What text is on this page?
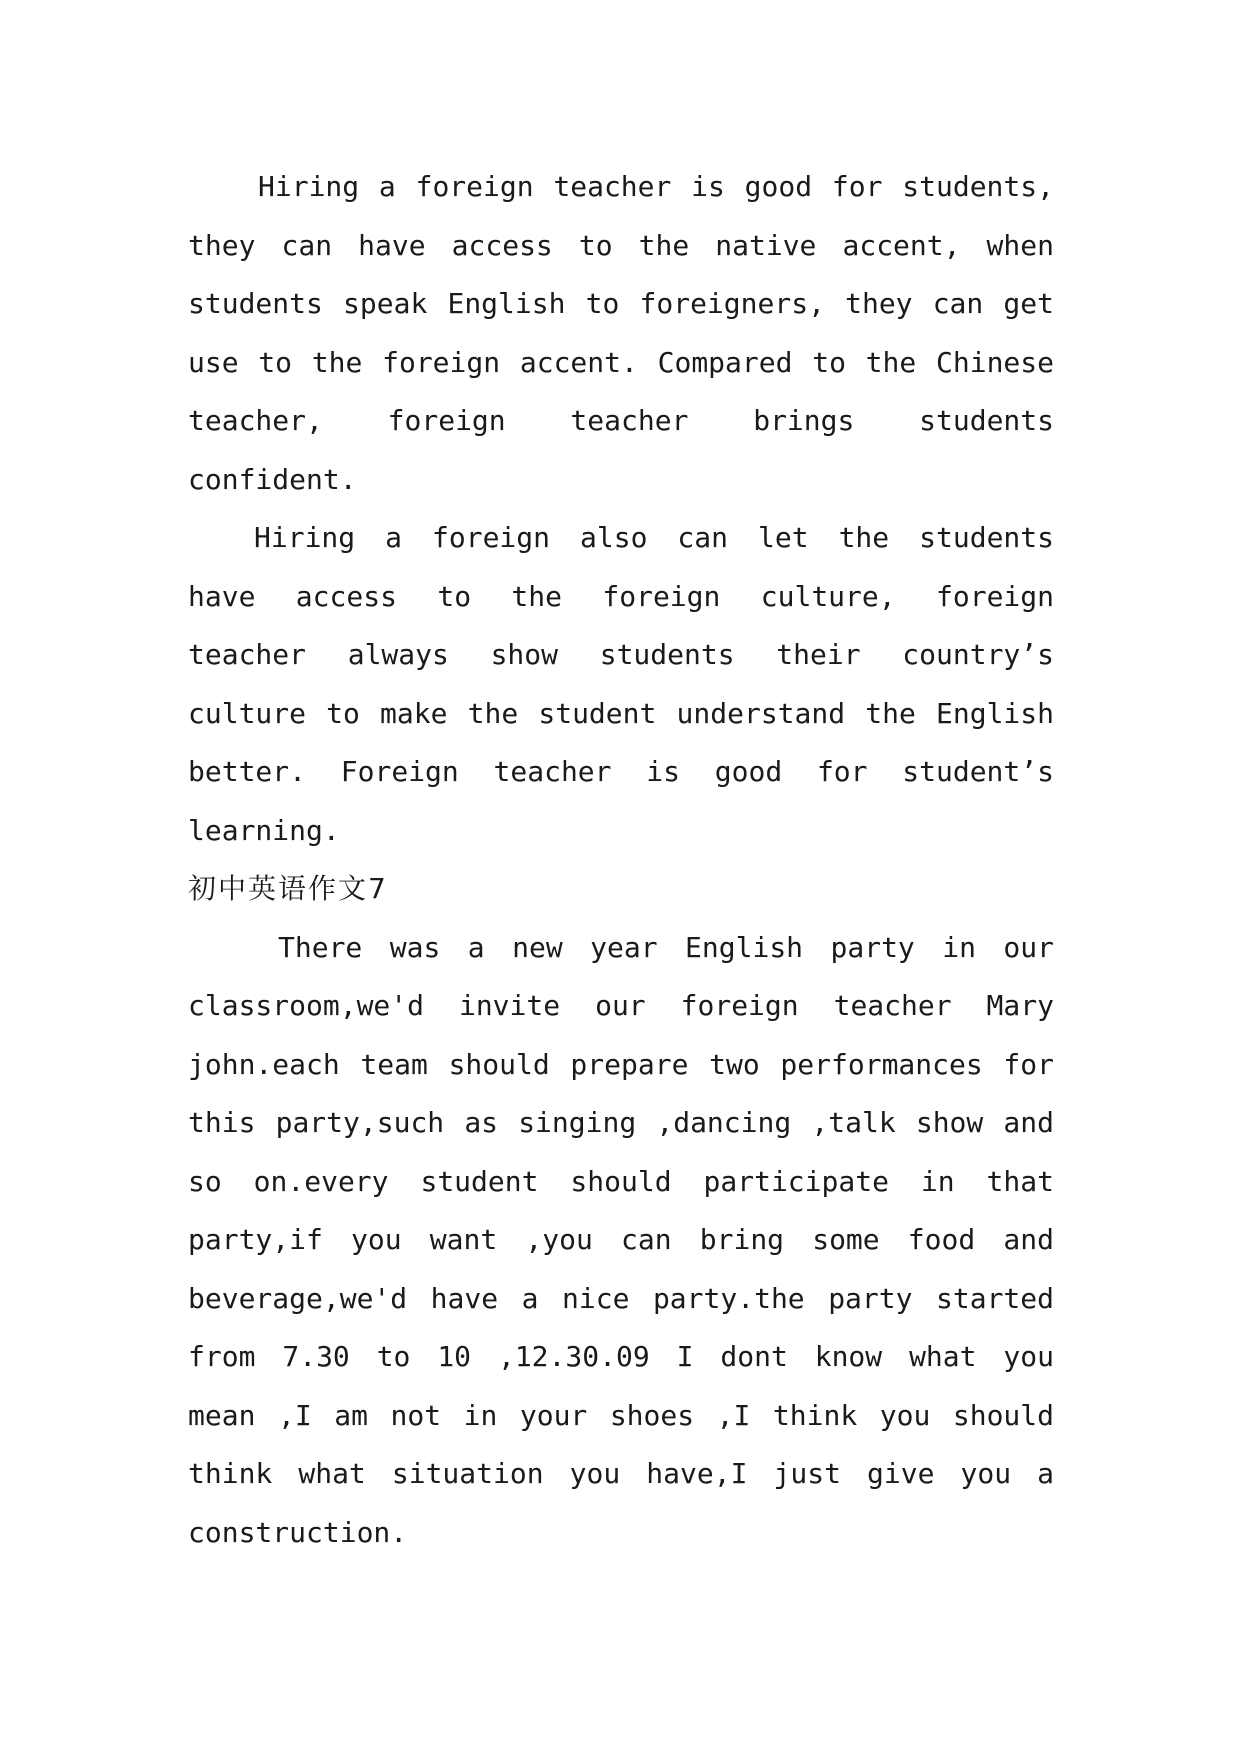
Hiring a foreign teacher is good for students, they can have access to the native accent, when students speak English to foreigners, they can get use to the foreign accent. Compared to the Chinese teacher, foreign teacher brings students confident.

Hiring a foreign also can let the students have access to the foreign culture, foreign teacher always show students their country’s culture to make the student understand the English better. Foreign teacher is good for student’s learning.

初中英语作文7

There was a new year English party in our classroom,we'd invite our foreign teacher Mary john.each team should prepare two performances for this party,such as singing ,dancing ,talk show and so on.every student should participate in that party,if you want ,you can bring some food and beverage,we'd have a nice party.the party started from 7.30 to 10 ,12.30.09 I dont know what you mean ,I am not in your shoes ,I think you should think what situation you have,I just give you a construction.
